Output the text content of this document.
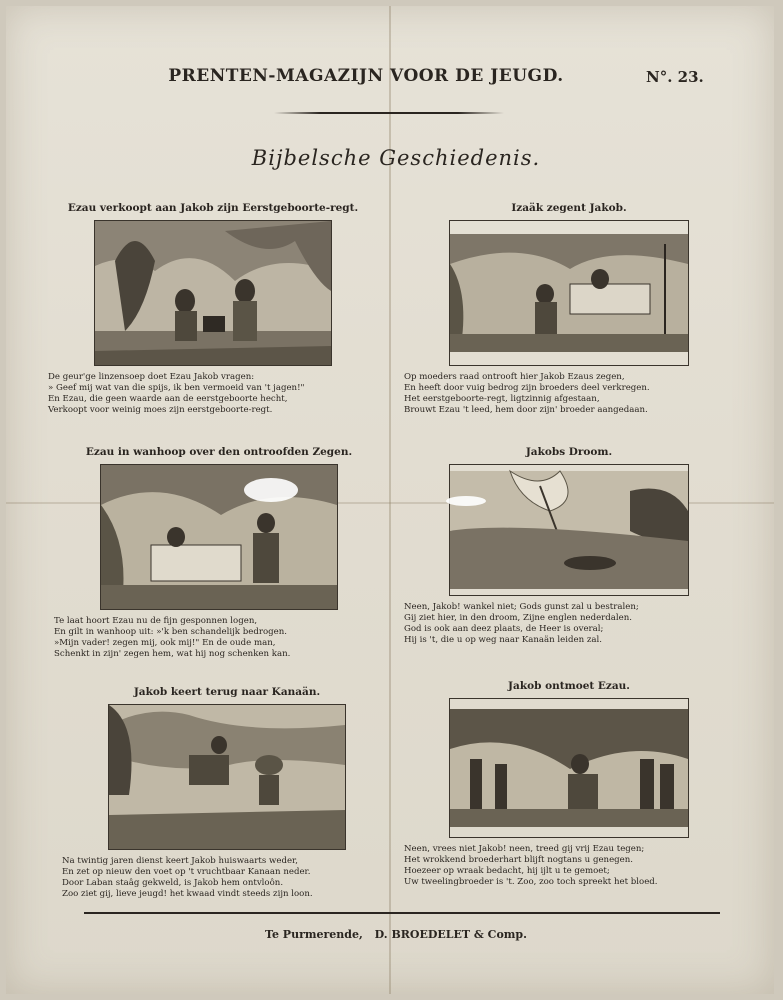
PRENTEN-MAGAZIJN VOOR DE JEUGD.	N°. 23.
Bijbelsche Geschiedenis.
Ezau verkoopt aan Jakob zijn Eerstgeboorte-regt.
De geur'ge linzensoep doet Ezau Jakob vragen:
» Geef mij wat van die spijs, ik ben vermoeid van 't jagen!"
En Ezau, die geen waarde aan de eerstgeboorte hecht,
Verkoopt voor weinig moes zijn eerstgeboorte-regt.
Izaäk zegent Jakob.
Op moeders raad ontrooft hier Jakob Ezaus zegen,
En heeft door vuig bedrog zijn broeders deel verkregen.
Het eerstgeboorte-regt, ligtzinnig afgestaan,
Brouwt Ezau 't leed, hem door zijn' broeder aangedaan.
Ezau in wanhoop over den ontroofden Zegen.
Te laat hoort Ezau nu de fijn gesponnen logen,
En gilt in wanhoop uit: »'k ben schandelijk bedrogen.
»Mijn vader! zegen mij, ook mij!" En de oude man,
Schenkt in zijn' zegen hem, wat hij nog schenken kan.
Jakobs Droom.
Neen, Jakob! wankel niet; Gods gunst zal u bestralen;
Gij ziet hier, in den droom, Zijne englen nederdalen.
God is ook aan deez plaats, de Heer is overal;
Hij is 't, die u op weg naar Kanaän leiden zal.
Jakob keert terug naar Kanaän.
Na twintig jaren dienst keert Jakob huiswaarts weder,
En zet op nieuw den voet op 't vruchtbaar Kanaan neder.
Door Laban staâg gekweld, is Jakob hem ontvloôn.
Zoo ziet gij, lieve jeugd! het kwaad vindt steeds zijn loon.
Jakob ontmoet Ezau.
Neen, vrees niet Jakob! neen, treed gij vrij Ezau tegen;
Het wrokkend broederhart blijft nogtans u genegen.
Hoezeer op wraak bedacht, hij ijlt u te gemoet;
Uw tweelingbroeder is 't. Zoo, zoo toch spreekt het bloed.
Te Purmerende, D. BROEDELET & Comp.
